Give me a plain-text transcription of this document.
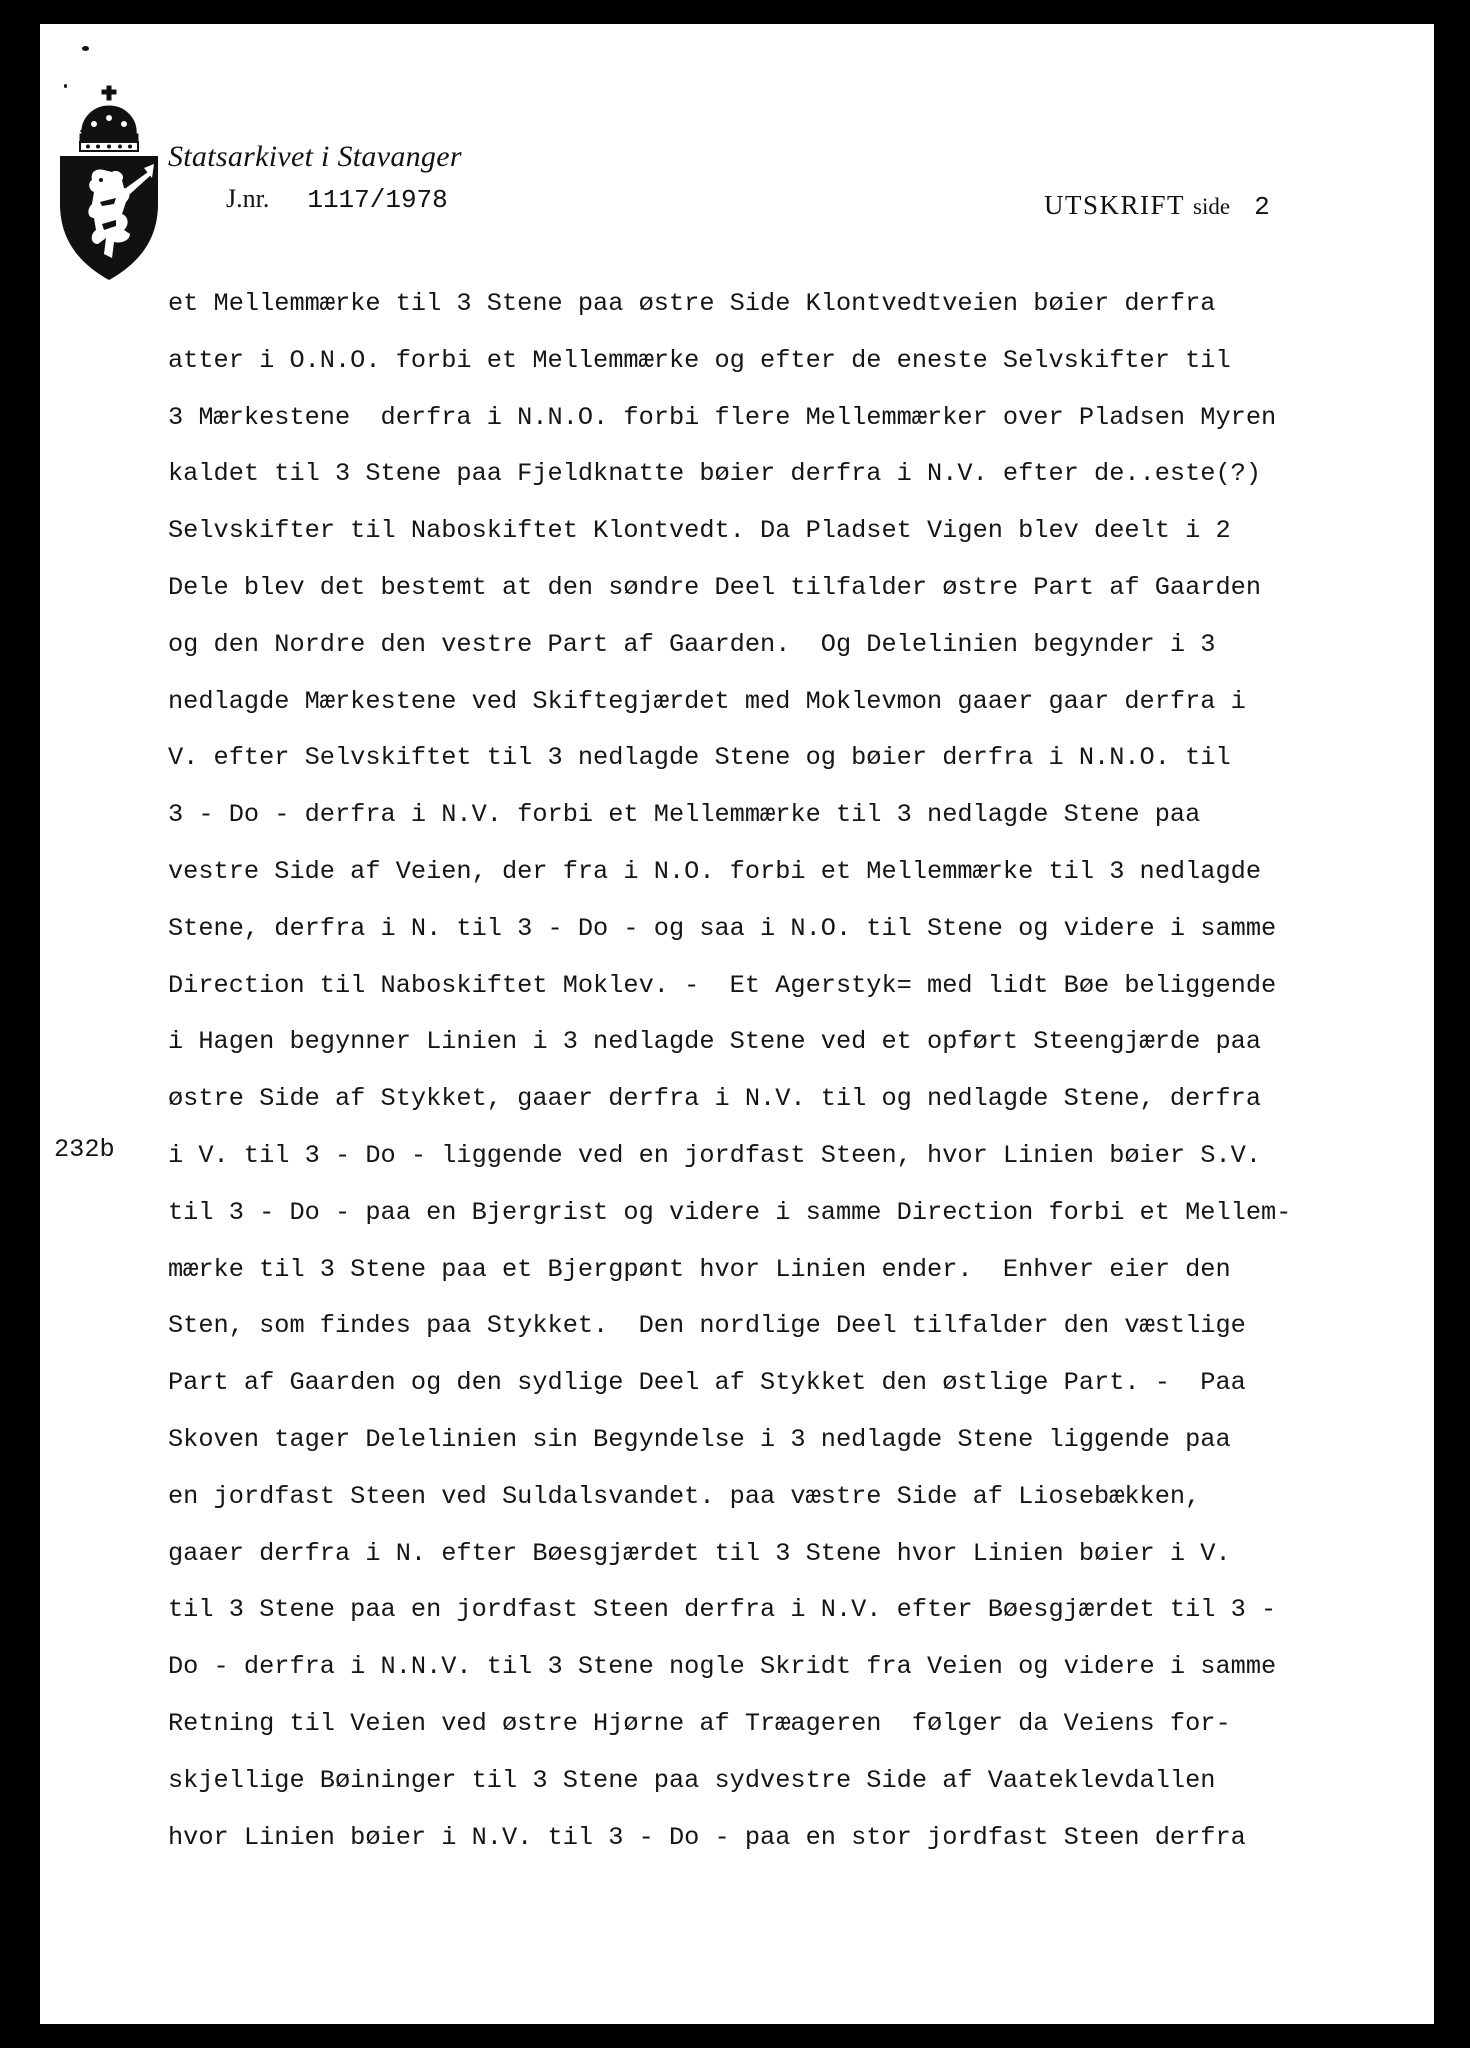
Statsarkivet i Stavanger
J.nr. 1117/1978	UTSKRIFT side 2
232b
et Mellemmærke til 3 Stene paa østre Side Klontvedtveien bøier derfra
atter i O.N.O. forbi et Mellemmærke og efter de eneste Selvskifter til
3 Mærkestene  derfra i N.N.O. forbi flere Mellemmærker over Pladsen Myren
kaldet til 3 Stene paa Fjeldknatte bøier derfra i N.V. efter de..este(?)
Selvskifter til Naboskiftet Klontvedt. Da Pladset Vigen blev deelt i 2
Dele blev det bestemt at den søndre Deel tilfalder østre Part af Gaarden
og den Nordre den vestre Part af Gaarden.  Og Delelinien begynder i 3
nedlagde Mærkestene ved Skiftegjærdet med Moklevmon gaaer gaar derfra i
V. efter Selvskiftet til 3 nedlagde Stene og bøier derfra i N.N.O. til
3 - Do - derfra i N.V. forbi et Mellemmærke til 3 nedlagde Stene paa
vestre Side af Veien, der fra i N.O. forbi et Mellemmærke til 3 nedlagde
Stene, derfra i N. til 3 - Do - og saa i N.O. til Stene og videre i samme
Direction til Naboskiftet Moklev. -  Et Agerstyk= med lidt Bøe beliggende
i Hagen begynner Linien i 3 nedlagde Stene ved et opført Steengjærde paa
østre Side af Stykket, gaaer derfra i N.V. til og nedlagde Stene, derfra
i V. til 3 - Do - liggende ved en jordfast Steen, hvor Linien bøier S.V.
til 3 - Do - paa en Bjergrist og videre i samme Direction forbi et Mellem-
mærke til 3 Stene paa et Bjergpønt hvor Linien ender.  Enhver eier den
Sten, som findes paa Stykket.  Den nordlige Deel tilfalder den væstlige
Part af Gaarden og den sydlige Deel af Stykket den østlige Part. -  Paa
Skoven tager Delelinien sin Begyndelse i 3 nedlagde Stene liggende paa
en jordfast Steen ved Suldalsvandet. paa væstre Side af Liosebækken,
gaaer derfra i N. efter Bøesgjærdet til 3 Stene hvor Linien bøier i V.
til 3 Stene paa en jordfast Steen derfra i N.V. efter Bøesgjærdet til 3 -
Do - derfra i N.N.V. til 3 Stene nogle Skridt fra Veien og videre i samme
Retning til Veien ved østre Hjørne af Træageren  følger da Veiens for-
skjellige Bøininger til 3 Stene paa sydvestre Side af Vaateklevdallen
hvor Linien bøier i N.V. til 3 - Do - paa en stor jordfast Steen derfra
